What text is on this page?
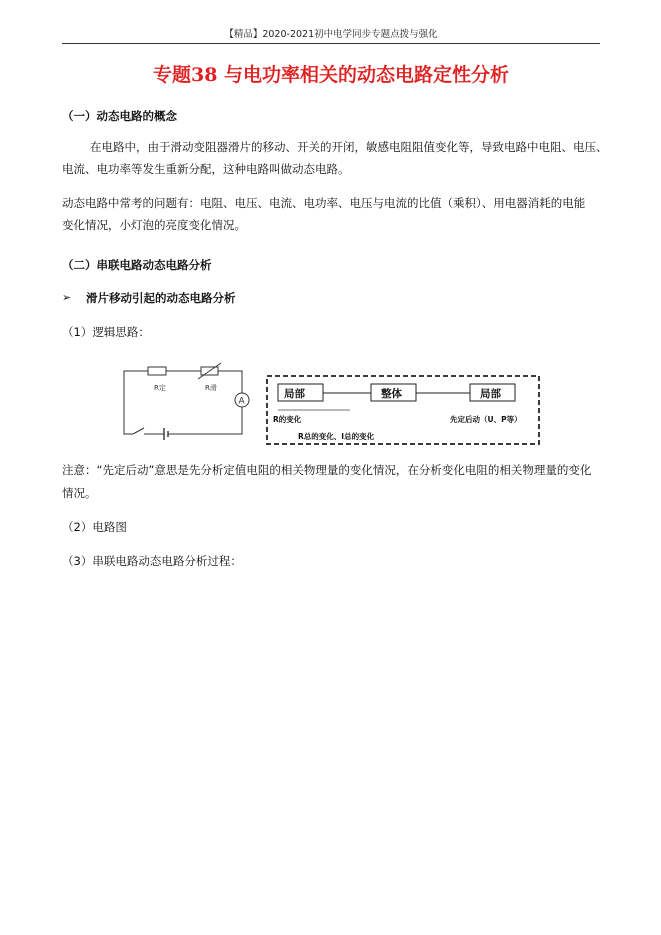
【精品】2020-2021初中电学同步专题点拨与强化
专题38 与电功率相关的动态电路定性分析
（一）动态电路的概念
在电路中，由于滑动变阻器滑片的移动、开关的开闭，敏感电阻阻值变化等，导致电路中电阻、电压、
电流、电功率等发生重新分配，这种电路叫做动态电路。
动态电路中常考的问题有：电阻、电压、电流、电功率、电压与电流的比值（乘积）、用电器消耗的电能
变化情况，小灯泡的亮度变化情况。
（二）串联电路动态电路分析
➢ 滑片移动引起的动态电路分析
（1）逻辑思路：
R定	R滑
A
局部	整体	局部
R的变化	先定后动（U、P等）
R总的变化、I总的变化
注意：“先定后动”意思是先分析定值电阻的相关物理量的变化情况，在分析变化电阻的相关物理量的变化
情况。
（2）电路图
（3）串联电路动态电路分析过程：
